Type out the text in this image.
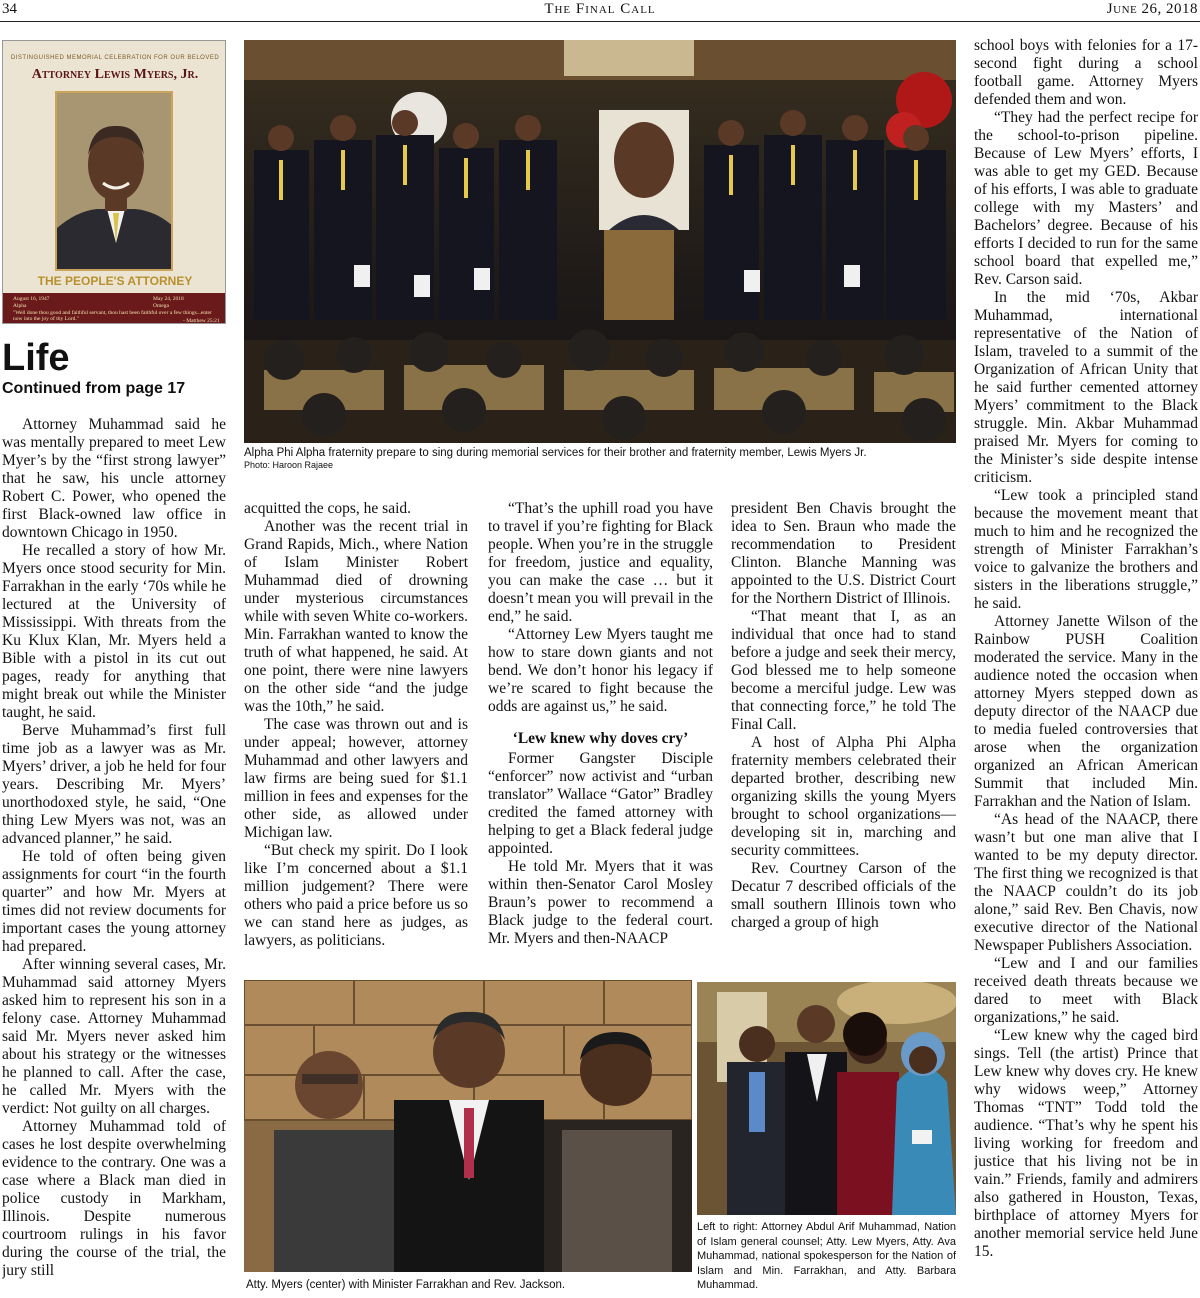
34	The Final Call	June 26, 2018
DISTINGUISHED MEMORIAL CELEBRATION FOR OUR BELOVED
Attorney Lewis Myers, Jr.
THE PEOPLE'S ATTORNEY
August 16, 1947
Alpha
May 24, 2018
Omega
"Well done thou good and faithful servant, thou hast been faithful over a few things...enter now into the joy of thy Lord."	- Matthew 25:21
Life
Continued from page 17

Attorney Muhammad said he was mentally prepared to meet Lew Myer’s by the “first strong lawyer” that he saw, his uncle attorney Robert C. Power, who opened the first Black-owned law office in downtown Chicago in 1950.

He recalled a story of how Mr. Myers once stood security for Min. Farrakhan in the early ‘70s while he lectured at the University of Mississippi. With threats from the Ku Klux Klan, Mr. Myers held a Bible with a pistol in its cut out pages, ready for anything that might break out while the Minister taught, he said.

Berve Muhammad’s first full time job as a lawyer was as Mr. Myers’ driver, a job he held for four years. Describing Mr. Myers’ unorthodoxed style, he said, “One thing Lew Myers was not, was an advanced planner,” he said.

He told of often being given assignments for court “in the fourth quarter” and how Mr. Myers at times did not review documents for important cases the young attorney had prepared.

After winning several cases, Mr. Muhammad said attorney Myers asked him to represent his son in a felony case. Attorney Muhammad said Mr. Myers never asked him about his strategy or the witnesses he planned to call. After the case, he called Mr. Myers with the verdict: Not guilty on all charges.

Attorney Muhammad told of cases he lost despite overwhelming evidence to the contrary. One was a case where a Black man died in police custody in Markham, Illinois. Despite numerous courtroom rulings in his favor during the course of the trial, the jury still

Alpha Phi Alpha fraternity prepare to sing during memorial services for their brother and fraternity member, Lewis Myers Jr.
Photo: Haroon Rajaee

acquitted the cops, he said.

Another was the recent trial in Grand Rapids, Mich., where Nation of Islam Minister Robert Muhammad died of drowning under mysterious circumstances while with seven White co-workers. Min. Farrakhan wanted to know the truth of what happened, he said. At one point, there were nine lawyers on the other side “and the judge was the 10th,” he said.

The case was thrown out and is under appeal; however, attorney Muhammad and other lawyers and law firms are being sued for $1.1 million in fees and expenses for the other side, as allowed under Michigan law.

“But check my spirit. Do I look like I’m concerned about a $1.1 million judgement? There were others who paid a price before us so we can stand here as judges, as lawyers, as politicians.

“That’s the uphill road you have to travel if you’re fighting for Black people. When you’re in the struggle for freedom, justice and equality, you can make the case … but it doesn’t mean you will prevail in the end,” he said.

“Attorney Lew Myers taught me how to stare down giants and not bend. We don’t honor his legacy if we’re scared to fight because the odds are against us,” he said.

‘Lew knew why doves cry’

Former Gangster Disciple “enforcer” now activist and “urban translator” Wallace “Gator” Bradley credited the famed attorney with helping to get a Black federal judge appointed.

He told Mr. Myers that it was within then-Senator Carol Mosley Braun’s power to recommend a Black judge to the federal court. Mr. Myers and then-NAACP

president Ben Chavis brought the idea to Sen. Braun who made the recommendation to President Clinton. Blanche Manning was appointed to the U.S. District Court for the Northern District of Illinois.

“That meant that I, as an individual that once had to stand before a judge and seek their mercy, God blessed me to help someone become a merciful judge. Lew was that connecting force,” he told The Final Call.

A host of Alpha Phi Alpha fraternity members celebrated their departed brother, describing new organizing skills the young Myers brought to school organizations—developing sit in, marching and security committees.

Rev. Courtney Carson of the Decatur 7 described officials of the small southern Illinois town who charged a group of high

Atty. Myers (center) with Minister Farrakhan and Rev. Jackson.
Left to right: Attorney Abdul Arif Muhammad, Nation of Islam general counsel; Atty. Lew Myers, Atty. Ava Muhammad, national spokesperson for the Nation of Islam and Min. Farrakhan, and Atty. Barbara Muhammad.

school boys with felonies for a 17-second fight during a school football game. Attorney Myers defended them and won.

“They had the perfect recipe for the school-to-prison pipeline. Because of Lew Myers’ efforts, I was able to get my GED. Because of his efforts, I was able to graduate college with my Masters’ and Bachelors’ degree. Because of his efforts I decided to run for the same school board that expelled me,” Rev. Carson said.

In the mid ‘70s, Akbar Muhammad, international representative of the Nation of Islam, traveled to a summit of the Organization of African Unity that he said further cemented attorney Myers’ commitment to the Black struggle. Min. Akbar Muhammad praised Mr. Myers for coming to the Minister’s side despite intense criticism.

“Lew took a principled stand because the movement meant that much to him and he recognized the strength of Minister Farrakhan’s voice to galvanize the brothers and sisters in the liberations struggle,” he said.

Attorney Janette Wilson of the Rainbow PUSH Coalition moderated the service. Many in the audience noted the occasion when attorney Myers stepped down as deputy director of the NAACP due to media fueled controversies that arose when the organization organized an African American Summit that included Min. Farrakhan and the Nation of Islam.

“As head of the NAACP, there wasn’t but one man alive that I wanted to be my deputy director. The first thing we recognized is that the NAACP couldn’t do its job alone,” said Rev. Ben Chavis, now executive director of the National Newspaper Publishers Association.

“Lew and I and our families received death threats because we dared to meet with Black organizations,” he said.

“Lew knew why the caged bird sings. Tell (the artist) Prince that Lew knew why doves cry. He knew why widows weep,” Attorney Thomas “TNT” Todd told the audience. “That’s why he spent his living working for freedom and justice that his living not be in vain.” Friends, family and admirers also gathered in Houston, Texas, birthplace of attorney Myers for another memorial service held June 15.
